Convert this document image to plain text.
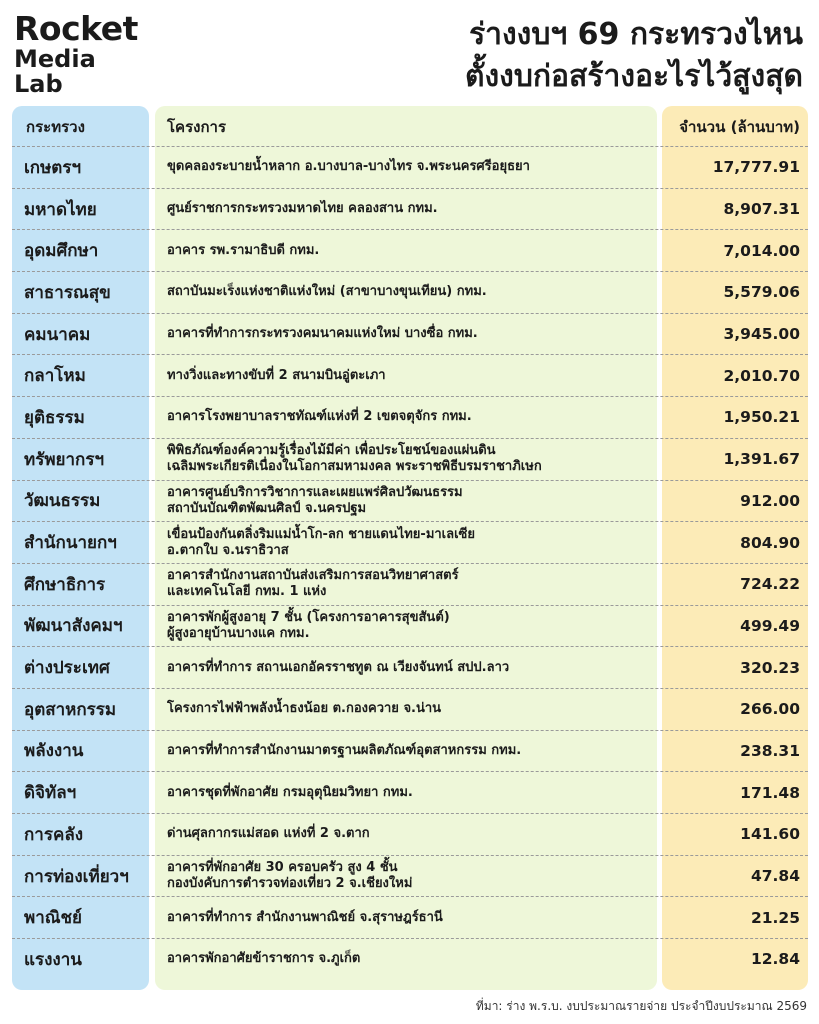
Rocket
Media
Lab
ร่างงบฯ 69 กระทรวงไหน
ตั้งงบก่อสร้างอะไรไว้สูงสุด
กระทรวง	โครงการ	จำนวน (ล้านบาท)
เกษตรฯ	ขุดคลองระบายน้ำหลาก อ.บางบาล-บางไทร จ.พระนครศรีอยุธยา	17,777.91
มหาดไทย	ศูนย์ราชการกระทรวงมหาดไทย คลองสาน กทม.	8,907.31
อุดมศึกษา	อาคาร รพ.รามาธิบดี กทม.	7,014.00
สาธารณสุข	สถาบันมะเร็งแห่งชาติแห่งใหม่ (สาขาบางขุนเทียน) กทม.	5,579.06
คมนาคม	อาคารที่ทำการกระทรวงคมนาคมแห่งใหม่ บางซื่อ กทม.	3,945.00
กลาโหม	ทางวิ่งและทางขับที่ 2 สนามบินอู่ตะเภา	2,010.70
ยุติธรรม	อาคารโรงพยาบาลราชทัณฑ์แห่งที่ 2 เขตจตุจักร กทม.	1,950.21
ทรัพยากรฯ	พิพิธภัณฑ์องค์ความรู้เรื่องไม้มีค่า เพื่อประโยชน์ของแผ่นดิน
เฉลิมพระเกียรติเนื่องในโอกาสมหามงคล พระราชพิธีบรมราชาภิเษก	1,391.67
วัฒนธรรม	อาคารศูนย์บริการวิชาการและเผยแพร่ศิลปวัฒนธรรม
สถาบันบัณฑิตพัฒนศิลป์ จ.นครปฐม	912.00
สำนักนายกฯ	เขื่อนป้องกันตลิ่งริมแม่น้ำโก-ลก ชายแดนไทย-มาเลเซีย
อ.ตากใบ จ.นราธิวาส	804.90
ศึกษาธิการ	อาคารสำนักงานสถาบันส่งเสริมการสอนวิทยาศาสตร์
และเทคโนโลยี กทม. 1 แห่ง	724.22
พัฒนาสังคมฯ	อาคารพักผู้สูงอายุ 7 ชั้น (โครงการอาคารสุขสันต์)
ผู้สูงอายุบ้านบางแค กทม.	499.49
ต่างประเทศ	อาคารที่ทำการ สถานเอกอัครราชทูต ณ เวียงจันทน์ สปป.ลาว	320.23
อุตสาหกรรม	โครงการไฟฟ้าพลังน้ำธงน้อย ต.กองควาย จ.น่าน	266.00
พลังงาน	อาคารที่ทำการสำนักงานมาตรฐานผลิตภัณฑ์อุตสาหกรรม กทม.	238.31
ดิจิทัลฯ	อาคารชุดที่พักอาศัย กรมอุตุนิยมวิทยา กทม.	171.48
การคลัง	ด่านศุลกากรแม่สอด แห่งที่ 2 จ.ตาก	141.60
การท่องเที่ยวฯ	อาคารที่พักอาศัย 30 ครอบครัว สูง 4 ชั้น
กองบังคับการตำรวจท่องเที่ยว 2 จ.เชียงใหม่	47.84
พาณิชย์	อาคารที่ทำการ สำนักงานพาณิชย์ จ.สุราษฎร์ธานี	21.25
แรงงาน	อาคารพักอาศัยข้าราชการ จ.ภูเก็ต	12.84
ที่มา: ร่าง พ.ร.บ. งบประมาณรายจ่าย ประจำปีงบประมาณ 2569
